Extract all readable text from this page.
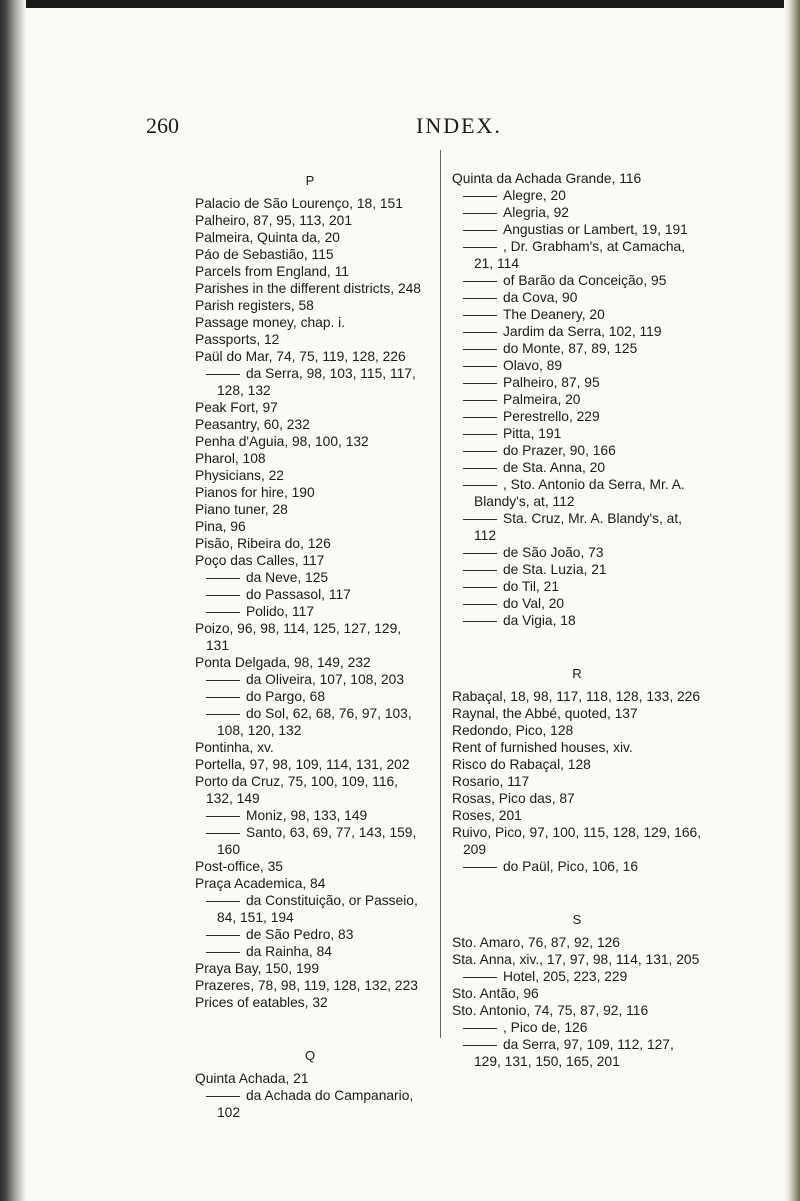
260	INDEX.
P
Palacio de São Lourenço, 18, 151
Palheiro, 87, 95, 113, 201
Palmeira, Quinta da, 20
Páo de Sebastião, 115
Parcels from England, 11
Parishes in the different districts, 248
Parish registers, 58
Passage money, chap. i.
Passports, 12
Paül do Mar, 74, 75, 119, 128, 226
da Serra, 98, 103, 115, 117, 128, 132
Peak Fort, 97
Peasantry, 60, 232
Penha d'Aguia, 98, 100, 132
Pharol, 108
Physicians, 22
Pianos for hire, 190
Piano tuner, 28
Pina, 96
Pisão, Ribeira do, 126
Poço das Calles, 117
da Neve, 125
do Passasol, 117
Polido, 117
Poizo, 96, 98, 114, 125, 127, 129, 131
Ponta Delgada, 98, 149, 232
da Oliveira, 107, 108, 203
do Pargo, 68
do Sol, 62, 68, 76, 97, 103, 108, 120, 132
Pontinha, xv.
Portella, 97, 98, 109, 114, 131, 202
Porto da Cruz, 75, 100, 109, 116, 132, 149
Moniz, 98, 133, 149
Santo, 63, 69, 77, 143, 159, 160
Post-office, 35
Praça Academica, 84
da Constituição, or Passeio, 84, 151, 194
de São Pedro, 83
da Rainha, 84
Praya Bay, 150, 199
Prazeres, 78, 98, 119, 128, 132, 223
Prices of eatables, 32
Q
Quinta Achada, 21
da Achada do Campanario, 102
Quinta da Achada Grande, 116
Alegre, 20
Alegria, 92
Angustias or Lambert, 19, 191
, Dr. Grabham's, at Camacha, 21, 114
of Barão da Conceição, 95
da Cova, 90
The Deanery, 20
Jardim da Serra, 102, 119
do Monte, 87, 89, 125
Olavo, 89
Palheiro, 87, 95
Palmeira, 20
Perestrello, 229
Pitta, 191
do Prazer, 90, 166
de Sta. Anna, 20
, Sto. Antonio da Serra, Mr. A. Blandy's, at, 112
Sta. Cruz, Mr. A. Blandy's, at, 112
de São João, 73
de Sta. Luzia, 21
do Til, 21
do Val, 20
da Vigia, 18
R
Rabaçal, 18, 98, 117, 118, 128, 133, 226
Raynal, the Abbé, quoted, 137
Redondo, Pico, 128
Rent of furnished houses, xiv.
Risco do Rabaçal, 128
Rosario, 117
Rosas, Pico das, 87
Roses, 201
Ruivo, Pico, 97, 100, 115, 128, 129, 166, 209
do Paül, Pico, 106, 16
S
Sto. Amaro, 76, 87, 92, 126
Sta. Anna, xiv., 17, 97, 98, 114, 131, 205
Hotel, 205, 223, 229
Sto. Antão, 96
Sto. Antonio, 74, 75, 87, 92, 116
, Pico de, 126
da Serra, 97, 109, 112, 127, 129, 131, 150, 165, 201
